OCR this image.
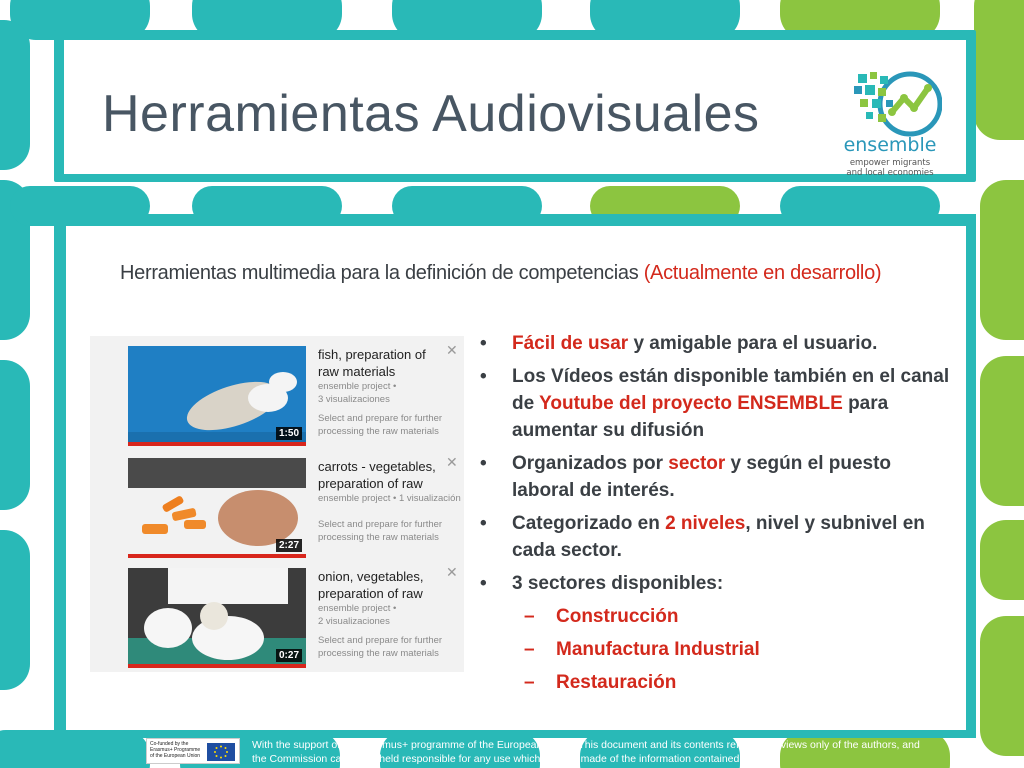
Herramientas Audiovisuales
ensemble
empower migrants
and local economies
Herramientas multimedia para la definición de competencias (Actualmente en desarrollo)
1:50
fish, preparation of raw materials
ensemble project •
3 visualizaciones
Select and prepare for further processing the raw materials
✕
2:27
carrots - vegetables, preparation of raw
ensemble project • 1 visualización
Select and prepare for further processing the raw materials
✕
0:27
onion, vegetables, preparation of raw
ensemble project •
2 visualizaciones
Select and prepare for further processing the raw materials
✕
• Fácil de usar y amigable para el usuario.
• Los Vídeos están disponible también en el canal de Youtube del proyecto ENSEMBLE para aumentar su difusión
• Organizados por sector y según el puesto laboral de interés.
• Categorizado en 2 niveles, nivel y subnivel en cada sector.
• 3 sectores disponibles:
– Construcción
– Manufactura Industrial
– Restauración
Co-funded by the Erasmus+ Programme of the European Union
With the support of the Erasmus+ programme of the European Union. This document and its contents reflects the views only of the authors, and the Commission cannot be held responsible for any use which may be made of the information contained therein.
